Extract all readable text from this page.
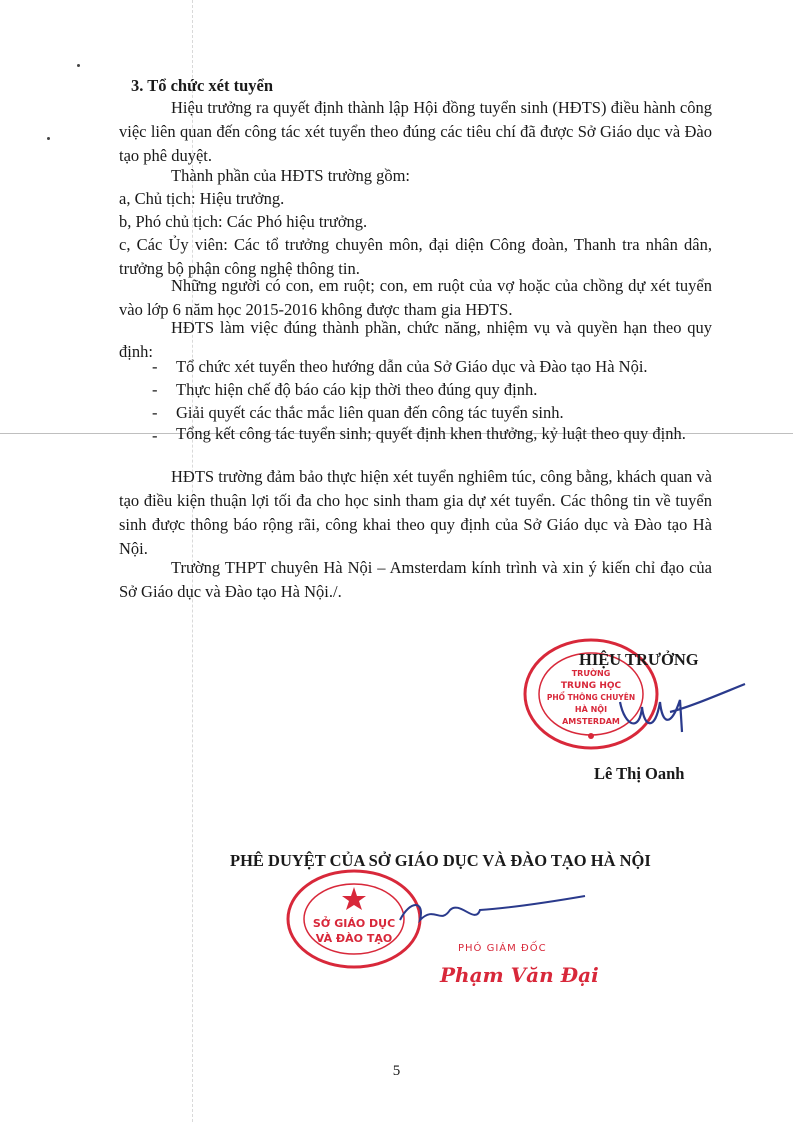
3. Tổ chức xét tuyển

Hiệu trưởng ra quyết định thành lập Hội đồng tuyển sinh (HĐTS) điều hành công việc liên quan đến công tác xét tuyển theo đúng các tiêu chí đã được Sở Giáo dục và Đào tạo phê duyệt.

Thành phần của HĐTS trường gồm:

a, Chủ tịch: Hiệu trưởng.

b, Phó chủ tịch: Các Phó hiệu trưởng.

c, Các Ủy viên: Các tổ trưởng chuyên môn, đại diện Công đoàn, Thanh tra nhân dân, trưởng bộ phận công nghệ thông tin.

Những người có con, em ruột; con, em ruột của vợ hoặc của chồng dự xét tuyển vào lớp 6 năm học 2015-2016 không được tham gia HĐTS.

HĐTS làm việc đúng thành phần, chức năng, nhiệm vụ và quyền hạn theo quy định:

- Tổ chức xét tuyển theo hướng dẫn của Sở Giáo dục và Đào tạo Hà Nội.
- Thực hiện chế độ báo cáo kịp thời theo đúng quy định.
- Giải quyết các thắc mắc liên quan đến công tác tuyển sinh.
- Tổng kết công tác tuyển sinh; quyết định khen thưởng, kỷ luật theo quy định.

HĐTS trường đảm bảo thực hiện xét tuyển nghiêm túc, công bằng, khách quan và tạo điều kiện thuận lợi tối đa cho học sinh tham gia dự xét tuyển. Các thông tin về tuyển sinh được thông báo rộng rãi, công khai theo quy định của Sở Giáo dục và Đào tạo Hà Nội.

Trường THPT chuyên Hà Nội – Amsterdam kính trình và xin ý kiến chỉ đạo của Sở Giáo dục và Đào tạo Hà Nội./.

TRƯỜNG
TRUNG HỌC
PHỔ THÔNG CHUYÊN
HÀ NỘI
AMSTERDAM
HIỆU TRƯỞNG
Lê Thị Oanh
PHÊ DUYỆT CỦA SỞ GIÁO DỤC VÀ ĐÀO TẠO HÀ NỘI
SỞ GIÁO DỤC
VÀ ĐÀO TẠO
PHÓ GIÁM ĐỐC
Phạm Văn Đại
5
